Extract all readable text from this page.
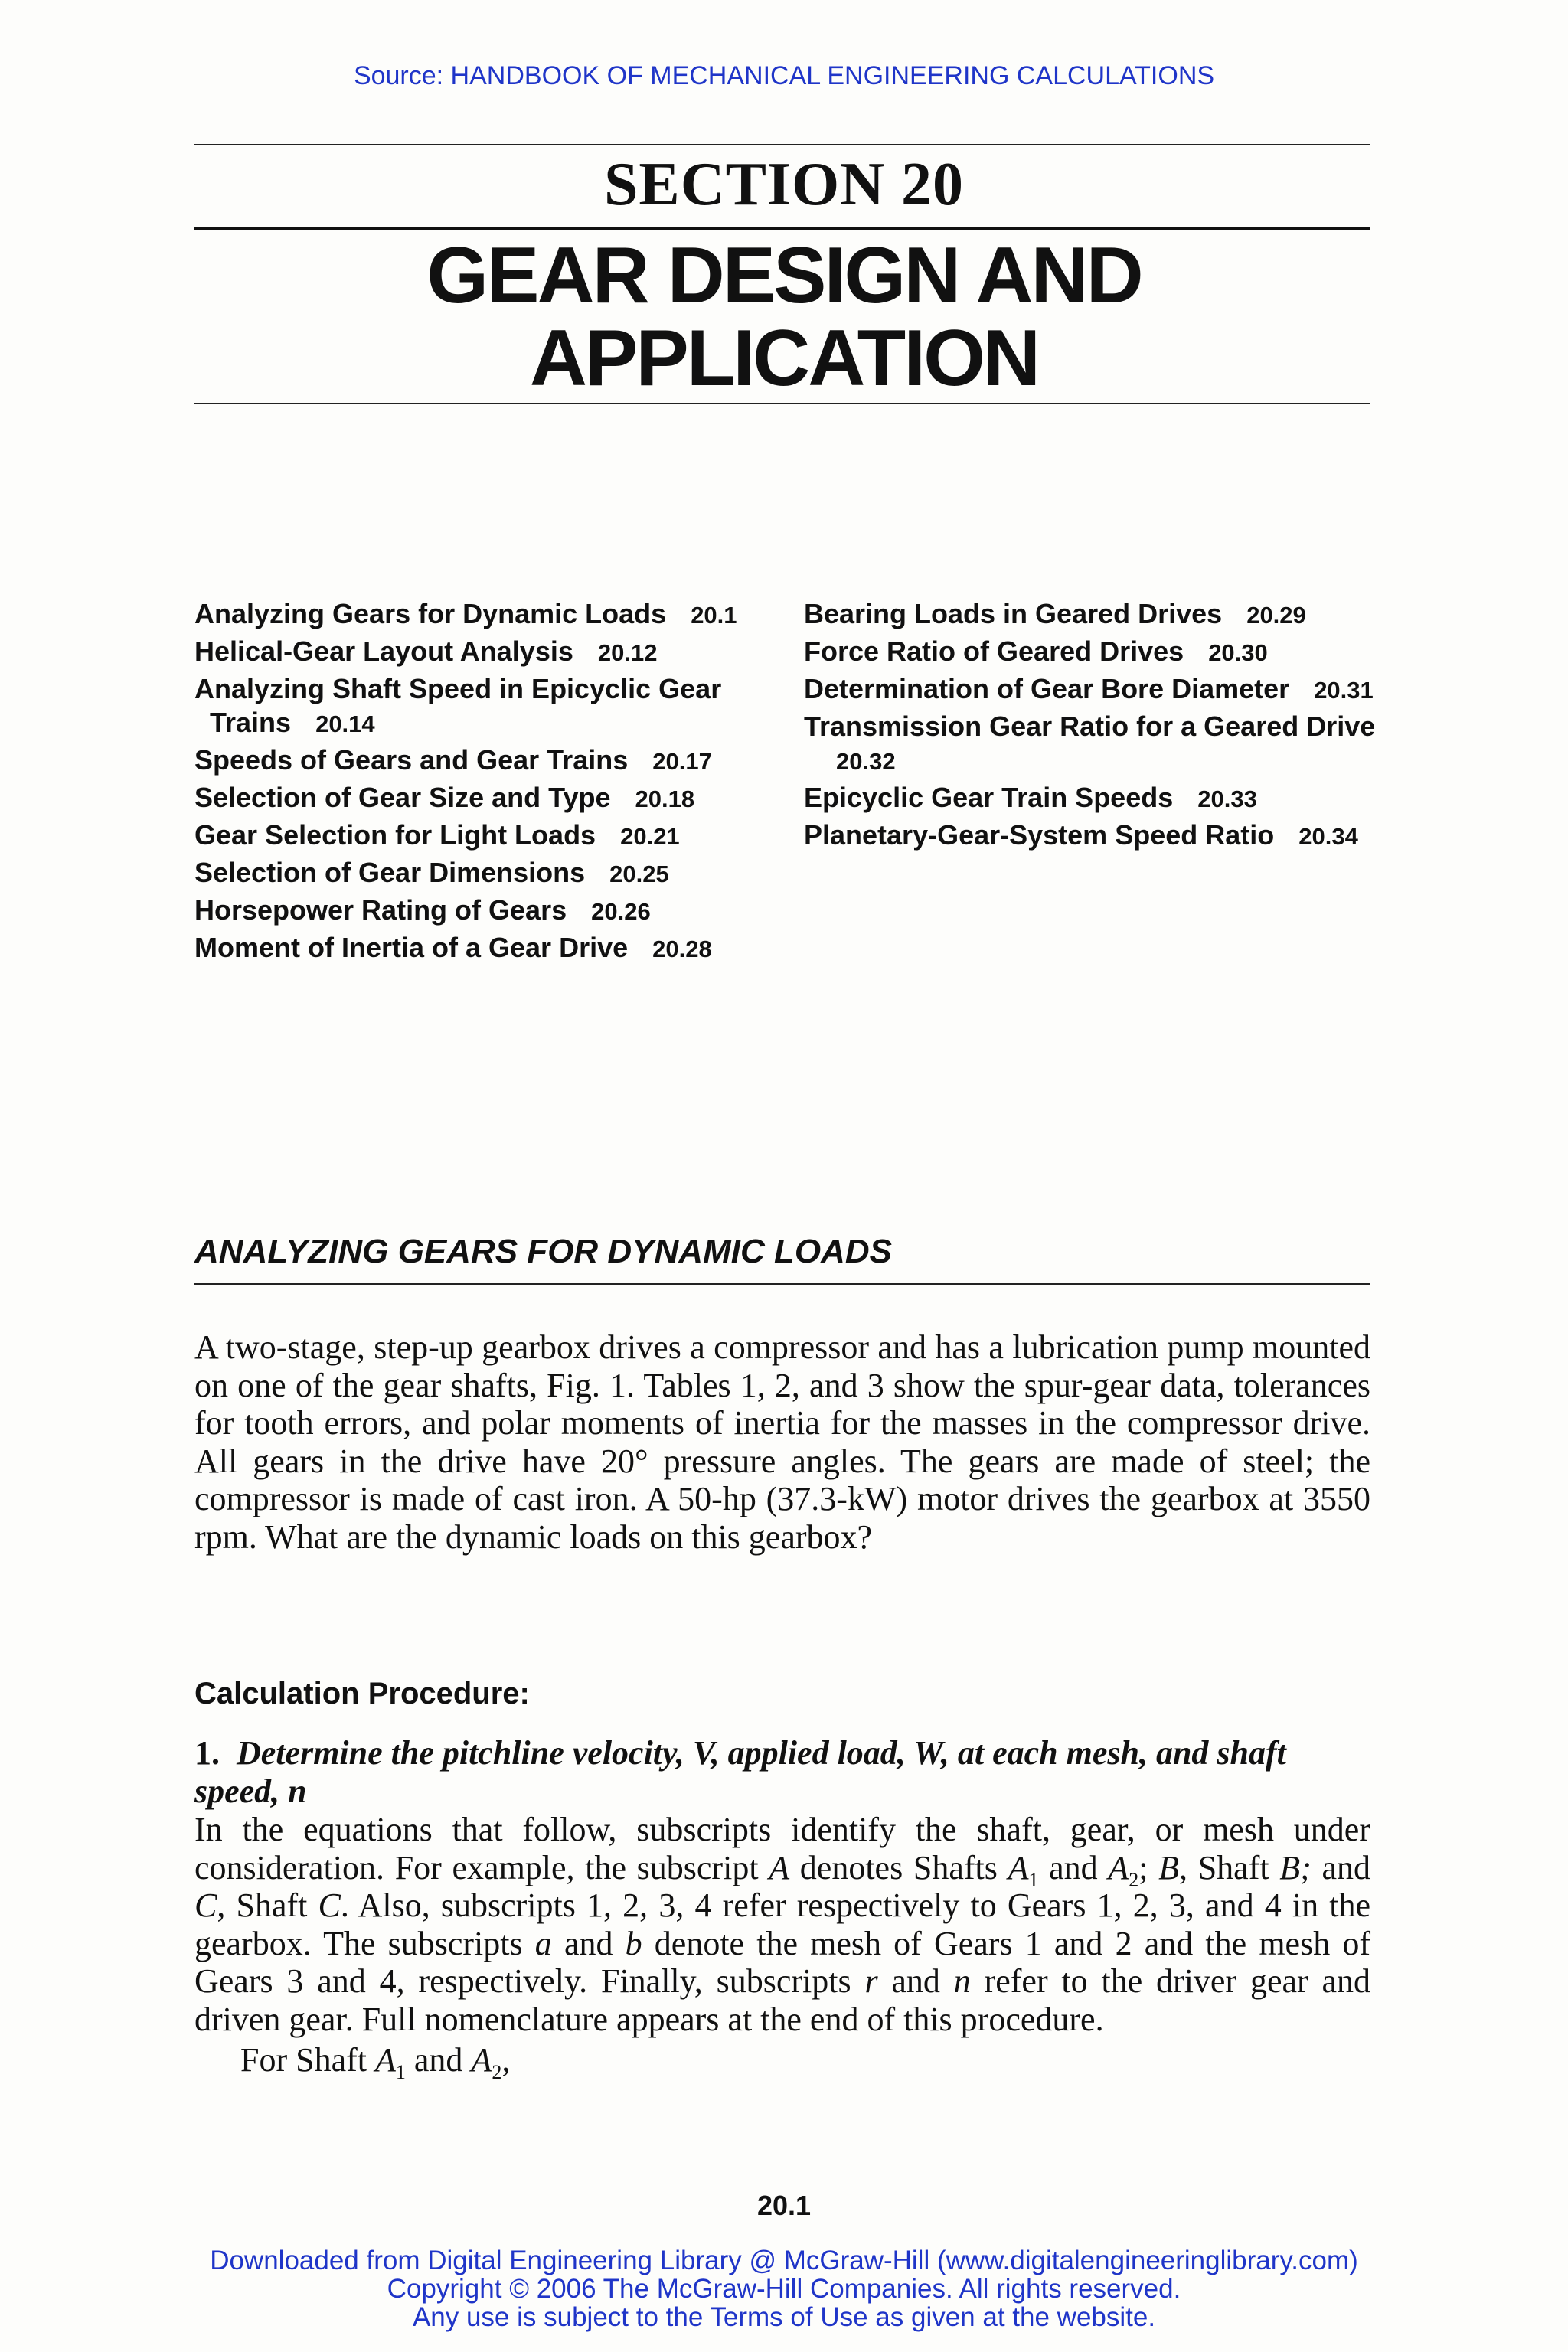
Source: HANDBOOK OF MECHANICAL ENGINEERING CALCULATIONS
SECTION 20
GEAR DESIGN AND
APPLICATION
Analyzing Gears for Dynamic Loads 20.1
Helical-Gear Layout Analysis 20.12
Analyzing Shaft Speed in Epicyclic Gear Trains 20.14
Speeds of Gears and Gear Trains 20.17
Selection of Gear Size and Type 20.18
Gear Selection for Light Loads 20.21
Selection of Gear Dimensions 20.25
Horsepower Rating of Gears 20.26
Moment of Inertia of a Gear Drive 20.28
Bearing Loads in Geared Drives 20.29
Force Ratio of Geared Drives 20.30
Determination of Gear Bore Diameter 20.31
Transmission Gear Ratio for a Geared Drive 20.32
Epicyclic Gear Train Speeds 20.33
Planetary-Gear-System Speed Ratio 20.34
ANALYZING GEARS FOR DYNAMIC LOADS
A two-stage, step-up gearbox drives a compressor and has a lubrication pump mounted on one of the gear shafts, Fig. 1. Tables 1, 2, and 3 show the spur-gear data, tolerances for tooth errors, and polar moments of inertia for the masses in the compressor drive. All gears in the drive have 20° pressure angles. The gears are made of steel; the compressor is made of cast iron. A 50-hp (37.3-kW) motor drives the gearbox at 3550 rpm. What are the dynamic loads on this gearbox?
Calculation Procedure:
1. Determine the pitchline velocity, V, applied load, W, at each mesh, and shaft speed, n
In the equations that follow, subscripts identify the shaft, gear, or mesh under consideration. For example, the subscript A denotes Shafts $A_1$ and $A_2$; B, Shaft B; and C, Shaft C. Also, subscripts 1, 2, 3, 4 refer respectively to Gears 1, 2, 3, and 4 in the gearbox. The subscripts a and b denote the mesh of Gears 1 and 2 and the mesh of Gears 3 and 4, respectively. Finally, subscripts r and n refer to the driver gear and driven gear. Full nomenclature appears at the end of this procedure.
For Shaft $A_1$ and $A_2$,
20.1
Downloaded from Digital Engineering Library @ McGraw-Hill (www.digitalengineeringlibrary.com)
Copyright © 2006 The McGraw-Hill Companies. All rights reserved.
Any use is subject to the Terms of Use as given at the website.
